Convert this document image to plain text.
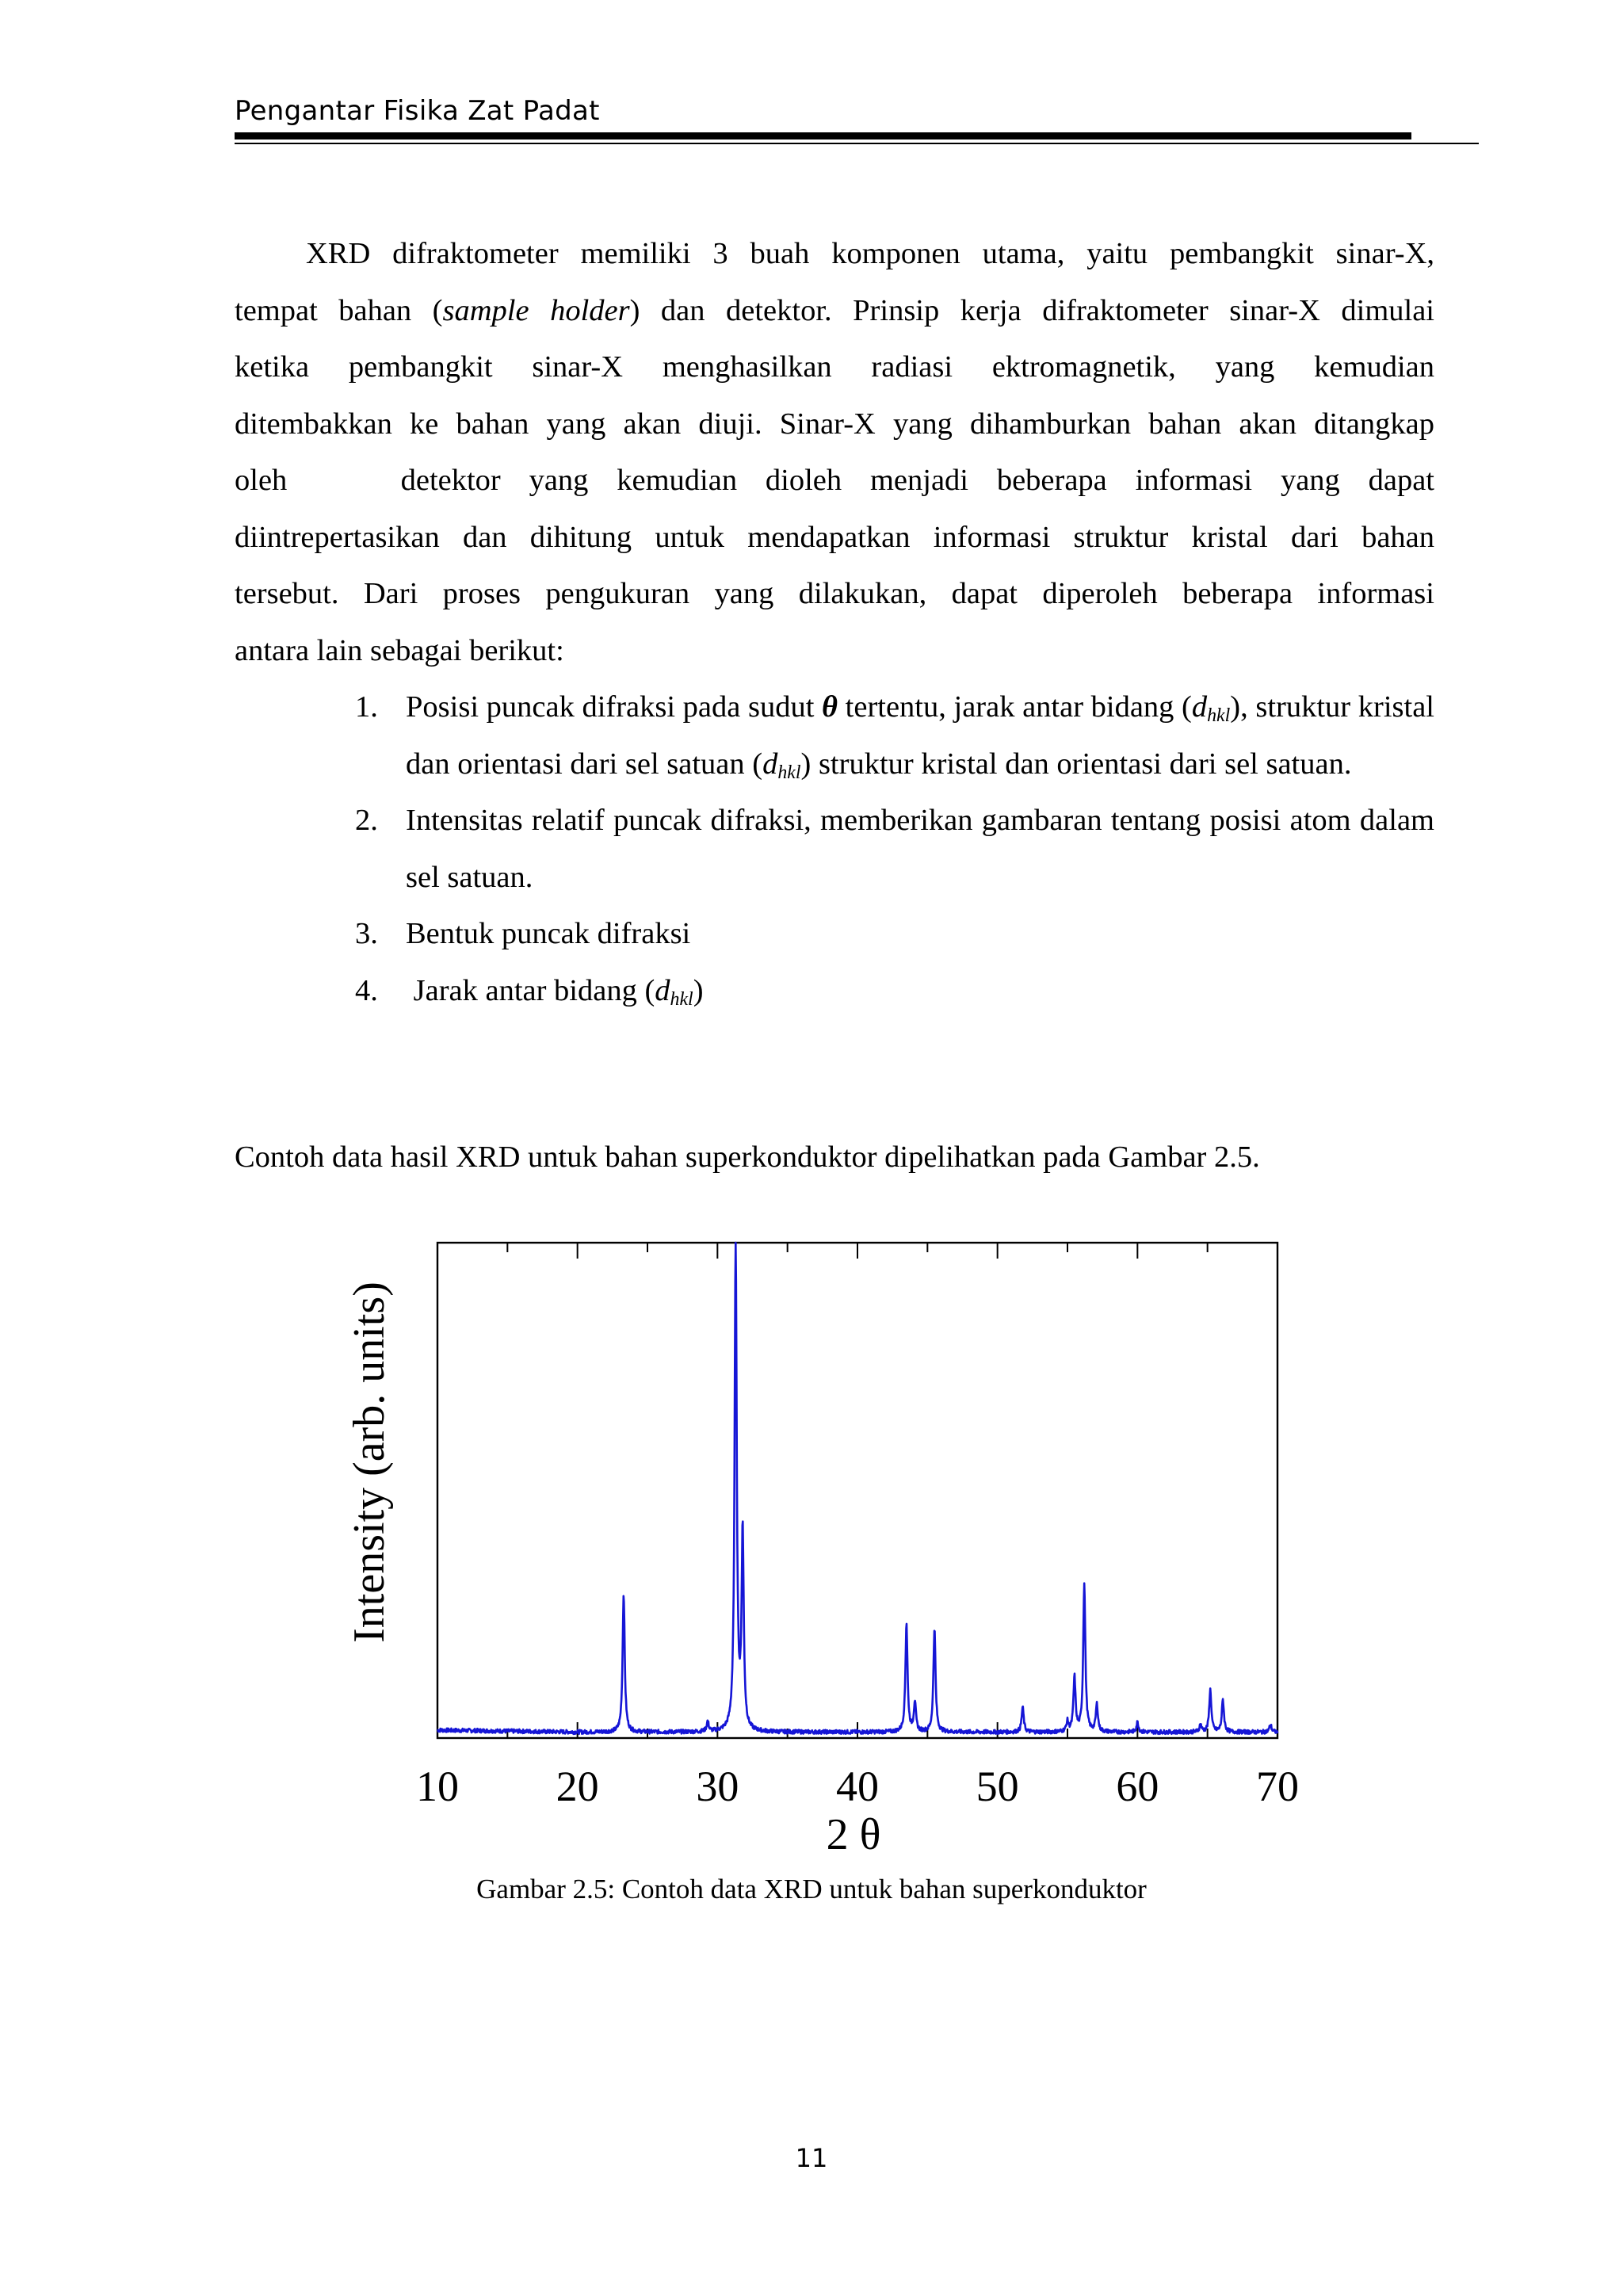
Pengantar Fisika Zat Padat

XRD difraktometer memiliki 3 buah komponen utama, yaitu pembangkit sinar-X,
tempat bahan (sample holder) dan detektor. Prinsip kerja difraktometer sinar-X dimulai
ketika pembangkit sinar-X menghasilkan radiasi ektromagnetik, yang kemudian
ditembakkan ke bahan yang akan diuji. Sinar-X yang dihamburkan bahan akan ditangkap
oleh    detektor yang kemudian dioleh menjadi beberapa informasi yang dapat
diintrepertasikan dan dihitung untuk mendapatkan informasi struktur kristal dari bahan
tersebut. Dari proses pengukuran yang dilakukan, dapat diperoleh beberapa informasi
antara lain sebagai berikut:

1. Posisi puncak difraksi pada sudut θ tertentu, jarak antar bidang $(d_{hkl})$, struktur kristal dan orientasi dari sel satuan $(d_{hkl})$ struktur kristal dan orientasi dari sel satuan.
2. Intensitas relatif puncak difraksi, memberikan gambaran tentang posisi atom dalam sel satuan.
3. Bentuk puncak difraksi
4. Jarak antar bidang $(d_{hkl})$
Contoh data hasil XRD untuk bahan superkonduktor dipelihatkan pada Gambar 2.5.
10 20 30 40 50 60 70
Intensity (arb. units)
2 θ
Gambar 2.5: Contoh data XRD untuk bahan superkonduktor
11
